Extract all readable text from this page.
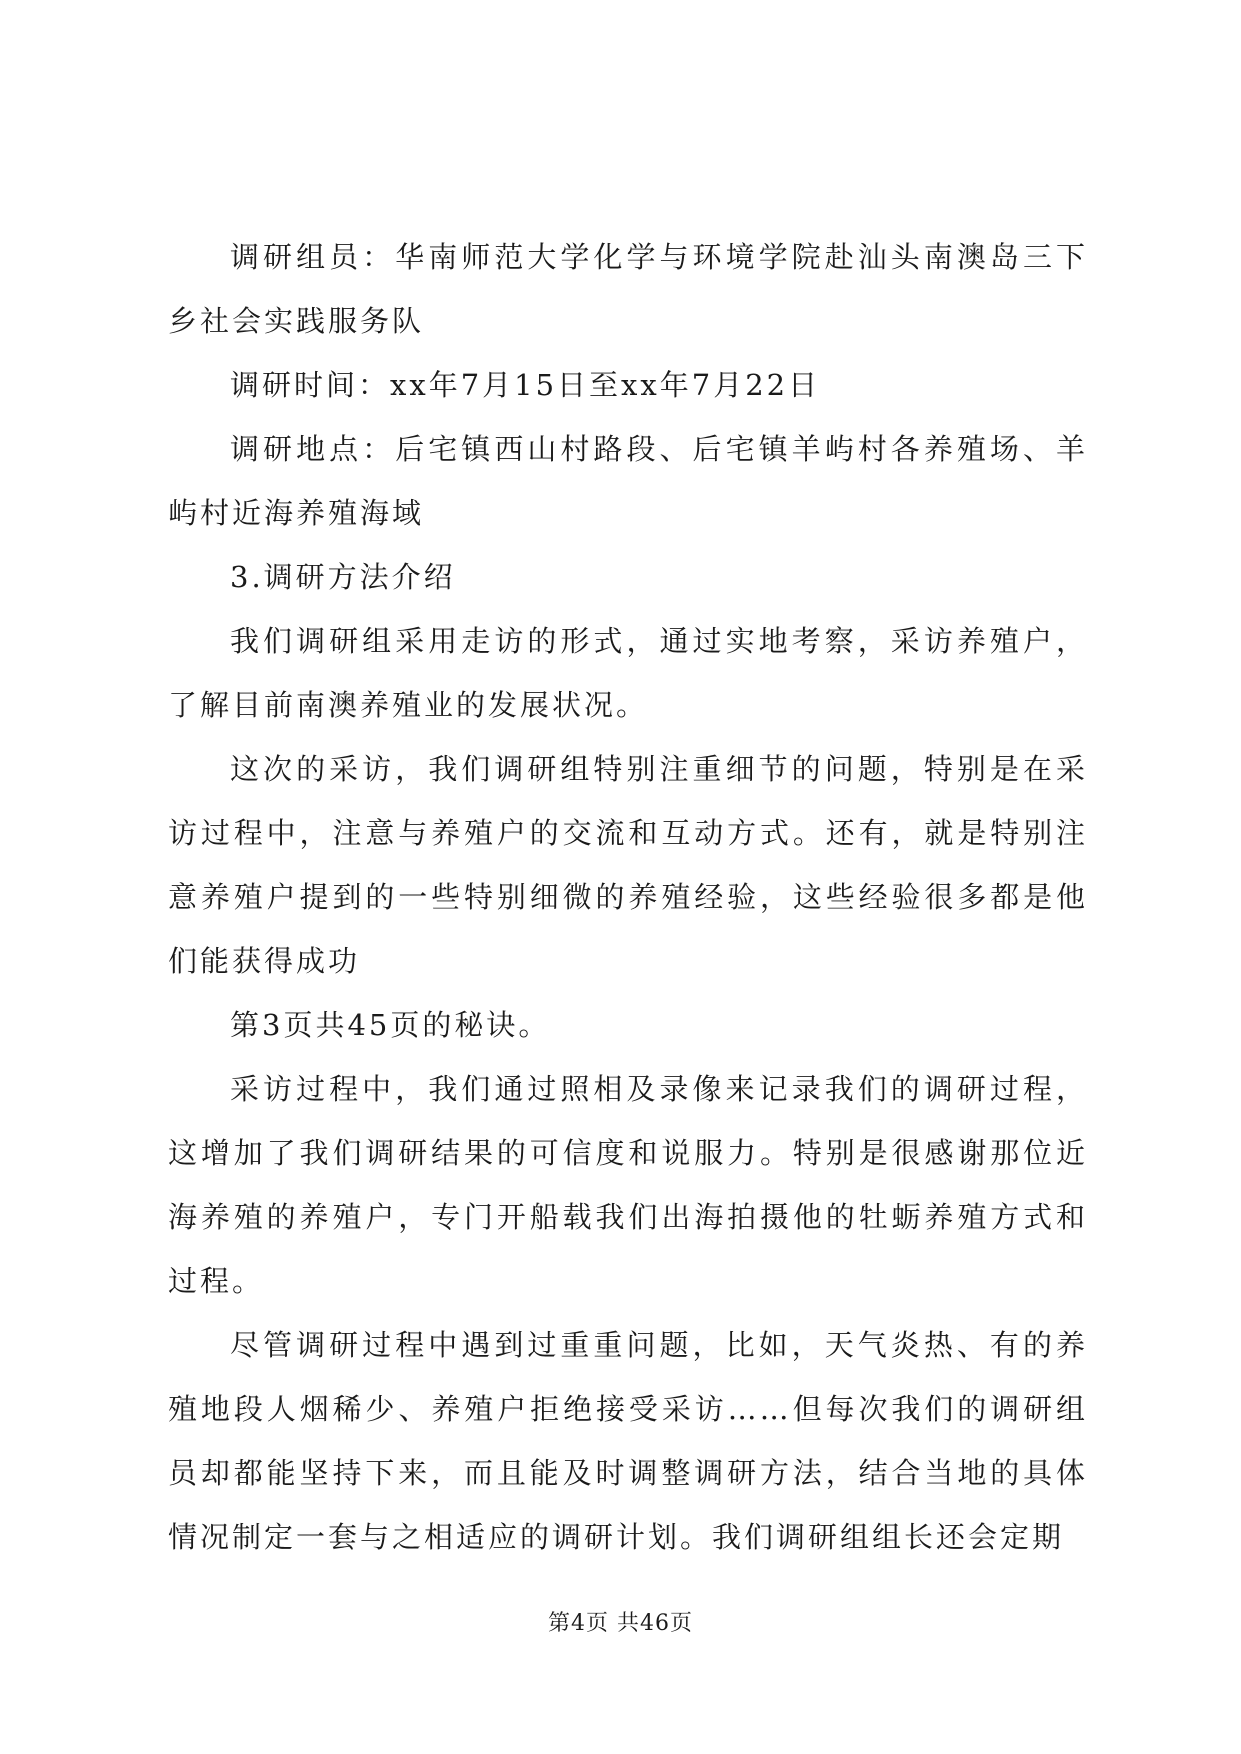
调研组员：华南师范大学化学与环境学院赴汕头南澳岛三下乡社会实践服务队

调研时间：xx年7月15日至xx年7月22日

调研地点：后宅镇西山村路段、后宅镇羊屿村各养殖场、羊屿村近海养殖海域

3.调研方法介绍

我们调研组采用走访的形式，通过实地考察，采访养殖户，了解目前南澳养殖业的发展状况。

这次的采访，我们调研组特别注重细节的问题，特别是在采访过程中，注意与养殖户的交流和互动方式。还有，就是特别注意养殖户提到的一些特别细微的养殖经验，这些经验很多都是他们能获得成功

第3页共45页的秘诀。

采访过程中，我们通过照相及录像来记录我们的调研过程，这增加了我们调研结果的可信度和说服力。特别是很感谢那位近海养殖的养殖户，专门开船载我们出海拍摄他的牡蛎养殖方式和过程。

尽管调研过程中遇到过重重问题，比如，天气炎热、有的养殖地段人烟稀少、养殖户拒绝接受采访……但每次我们的调研组员却都能坚持下来，而且能及时调整调研方法，结合当地的具体情况制定一套与之相适应的调研计划。我们调研组组长还会定期

第4页 共46页
